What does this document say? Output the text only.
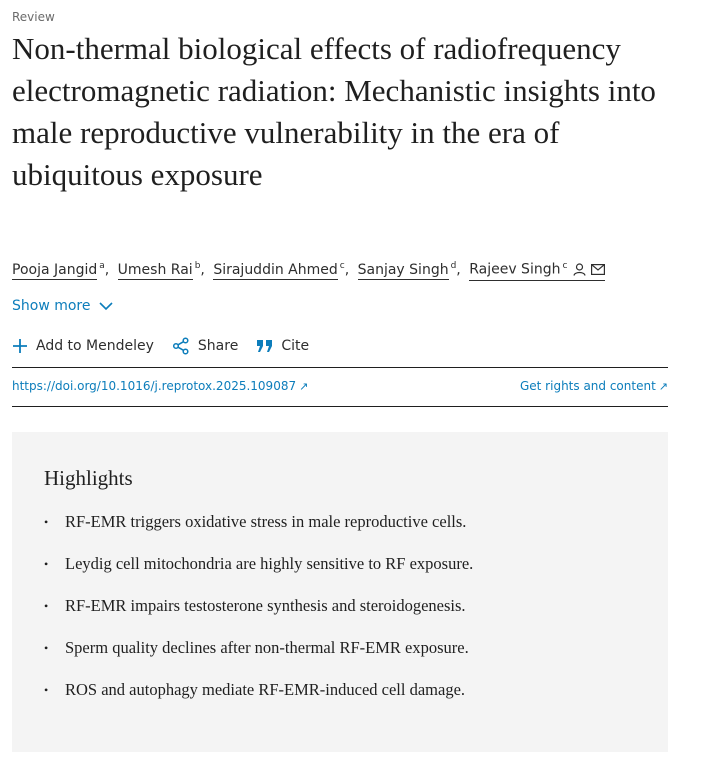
Review
Non-thermal biological effects of radiofrequency electromagnetic radiation: Mechanistic insights into male reproductive vulnerability in the era of ubiquitous exposure
Pooja Jangid $^a$, Umesh Rai $^b$, Sirajuddin Ahmed $^c$, Sanjay Singh $^d$, Rajeev Singh $^c$
Show more
Add to Mendeley	Share	Cite
https://doi.org/10.1016/j.reprotox.2025.109087 ↗	Get rights and content ↗
Highlights
•	RF-EMR triggers oxidative stress in male reproductive cells.
•	Leydig cell mitochondria are highly sensitive to RF exposure.
•	RF-EMR impairs testosterone synthesis and steroidogenesis.
•	Sperm quality declines after non-thermal RF-EMR exposure.
•	ROS and autophagy mediate RF-EMR-induced cell damage.
